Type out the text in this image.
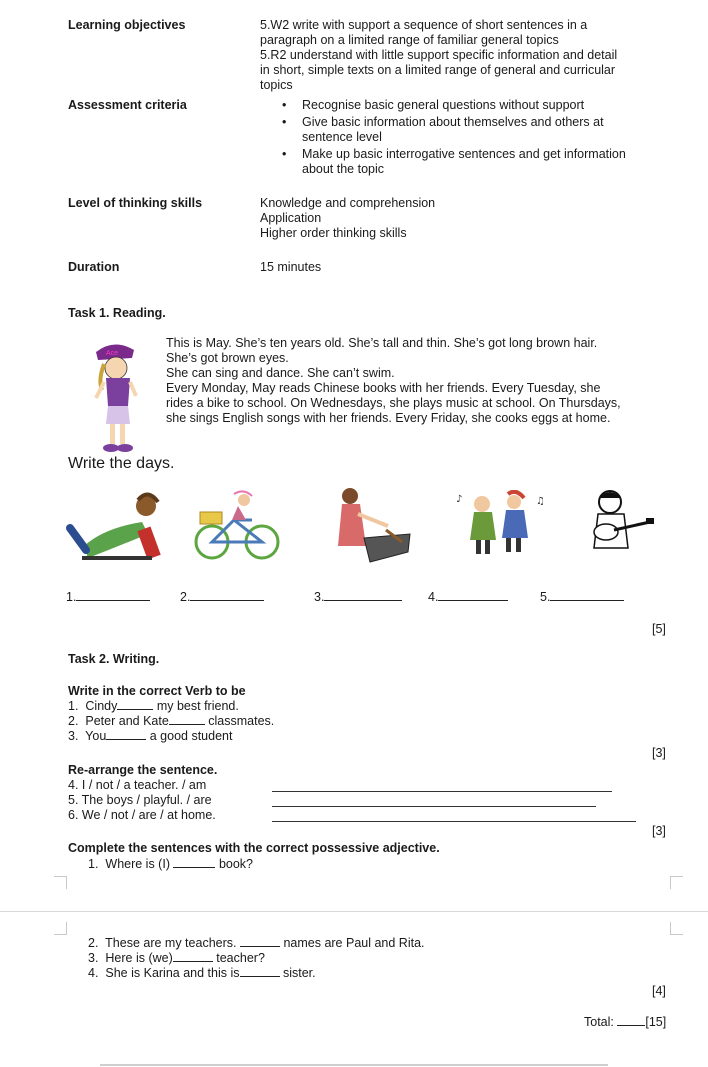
Learning objectives	5.W2 write with support a sequence of short sentences in a
paragraph on a limited range of familiar general topics
5.R2 understand with little support specific information and detail
in short, simple texts on a limited range of general and curricular
topics
Assessment criteria
•	Recognise basic general questions without support
• Give basic information about themselves and others at
sentence level
• Make up basic interrogative sentences and get information
about the topic
Level of thinking skills	Knowledge and comprehension
Application
Higher order thinking skills
Duration	15 minutes
Task 1. Reading.
Ace
This is May. She’s ten years old. She’s tall and thin. She’s got long brown hair.
She’s got brown eyes.
She can sing and dance. She can’t swim.
Every Monday, May reads Chinese books with her friends. Every Tuesday, she
rides a bike to school. On Wednesdays, she plays music at school. On Thursdays,
she sings English songs with her friends. Every Friday, she cooks eggs at home.
Write the days.
♪	♫
1.	2.	3.	4.	5.
[5]
Task 2. Writing.
Write in the correct Verb to be
1. Cindy	my best friend.
2. Peter and Kate	classmates.
3. You	a good student
[3]
Re-arrange the sentence.
4. I / not / a teacher. / am
5. The boys / playful. / are
6. We / not / are / at home.
[3]
Complete the sentences with the correct possessive adjective.
1. Where is (I)	book?
2. These are my teachers.	names are Paul and Rita.
3. Here is (we)	teacher?
4. She is Karina and this is	sister.
[4]
Total:	[15]
